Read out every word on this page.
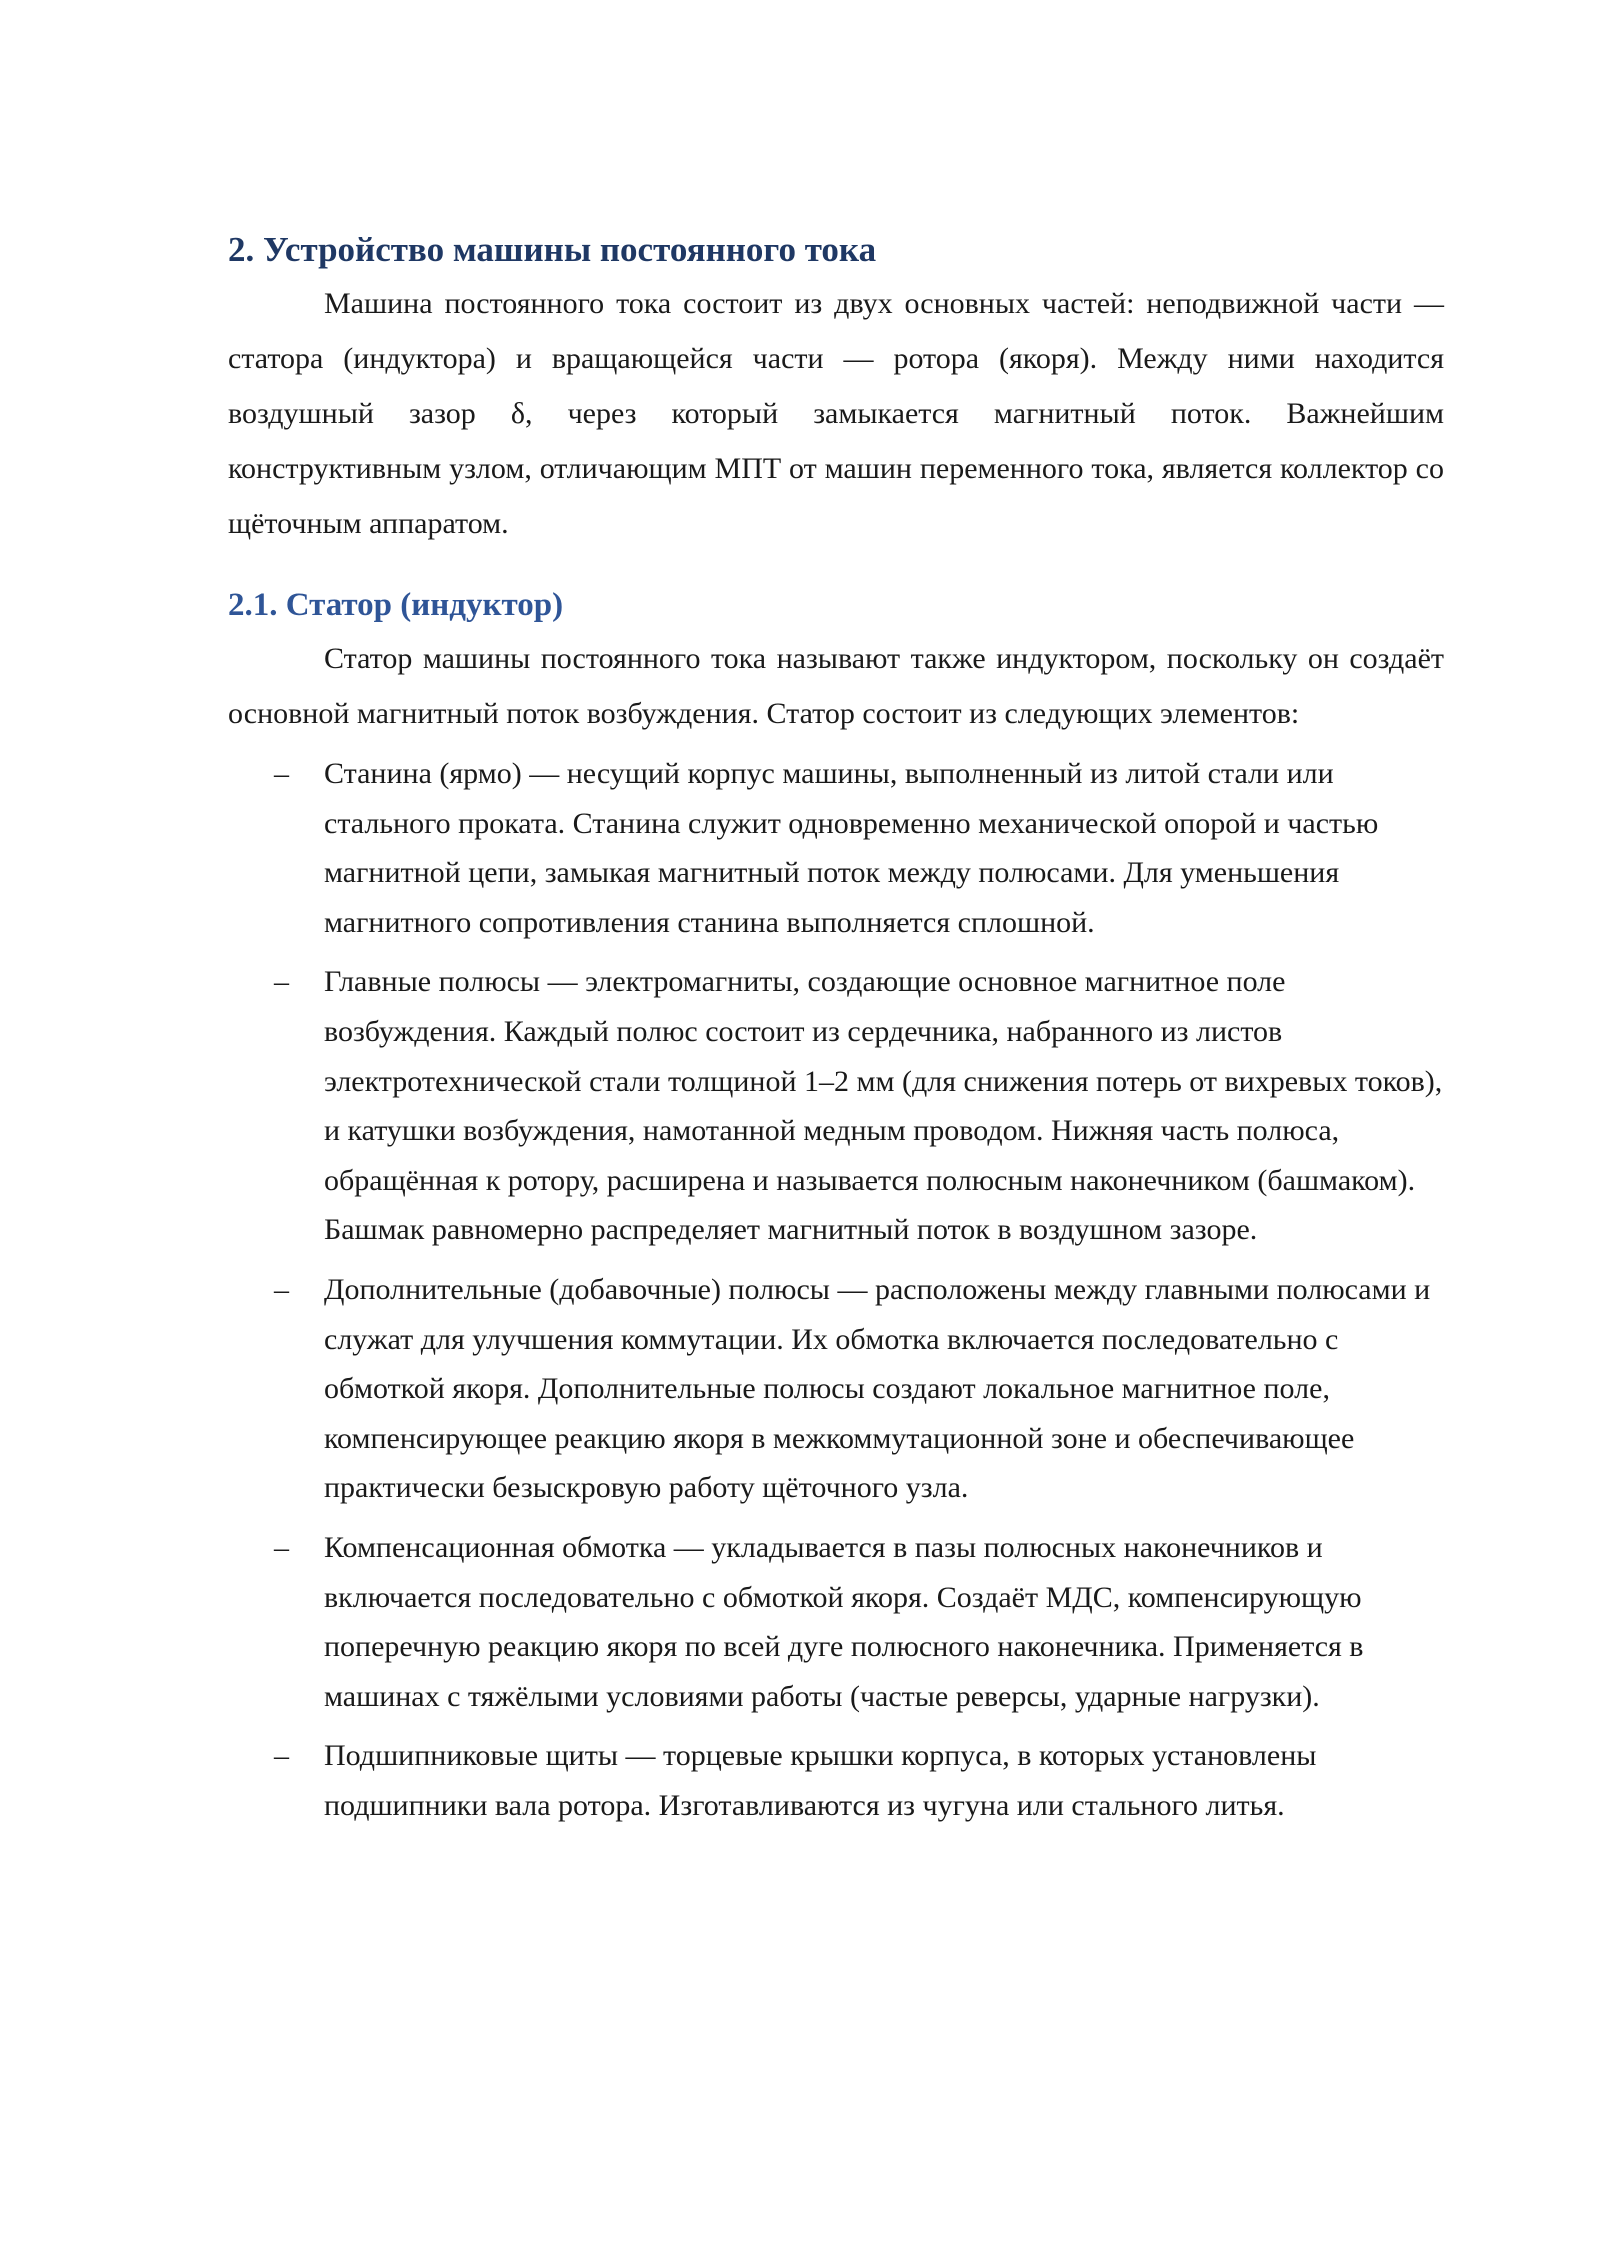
2. Устройство машины постоянного тока

Машина постоянного тока состоит из двух основных частей: неподвижной части — статора (индуктора) и вращающейся части — ротора (якоря). Между ними находится воздушный зазор δ, через который замыкается магнитный поток. Важнейшим конструктивным узлом, отличающим МПТ от машин переменного тока, является коллектор со щёточным аппаратом.

2.1. Статор (индуктор)

Статор машины постоянного тока называют также индуктором, поскольку он создаёт основной магнитный поток возбуждения. Статор состоит из следующих элементов:

– Станина (ярмо) — несущий корпус машины, выполненный из литой стали или стального проката. Станина служит одновременно механической опорой и частью магнитной цепи, замыкая магнитный поток между полюсами. Для уменьшения магнитного сопротивления станина выполняется сплошной.
– Главные полюсы — электромагниты, создающие основное магнитное поле возбуждения. Каждый полюс состоит из сердечника, набранного из листов электротехнической стали толщиной 1–2 мм (для снижения потерь от вихревых токов), и катушки возбуждения, намотанной медным проводом. Нижняя часть полюса, обращённая к ротору, расширена и называется полюсным наконечником (башмаком). Башмак равномерно распределяет магнитный поток в воздушном зазоре.
– Дополнительные (добавочные) полюсы — расположены между главными полюсами и служат для улучшения коммутации. Их обмотка включается последовательно с обмоткой якоря. Дополнительные полюсы создают локальное магнитное поле, компенсирующее реакцию якоря в межкоммутационной зоне и обеспечивающее практически безыскровую работу щёточного узла.
– Компенсационная обмотка — укладывается в пазы полюсных наконечников и включается последовательно с обмоткой якоря. Создаёт МДС, компенсирующую поперечную реакцию якоря по всей дуге полюсного наконечника. Применяется в машинах с тяжёлыми условиями работы (частые реверсы, ударные нагрузки).
– Подшипниковые щиты — торцевые крышки корпуса, в которых установлены подшипники вала ротора. Изготавливаются из чугуна или стального литья.
